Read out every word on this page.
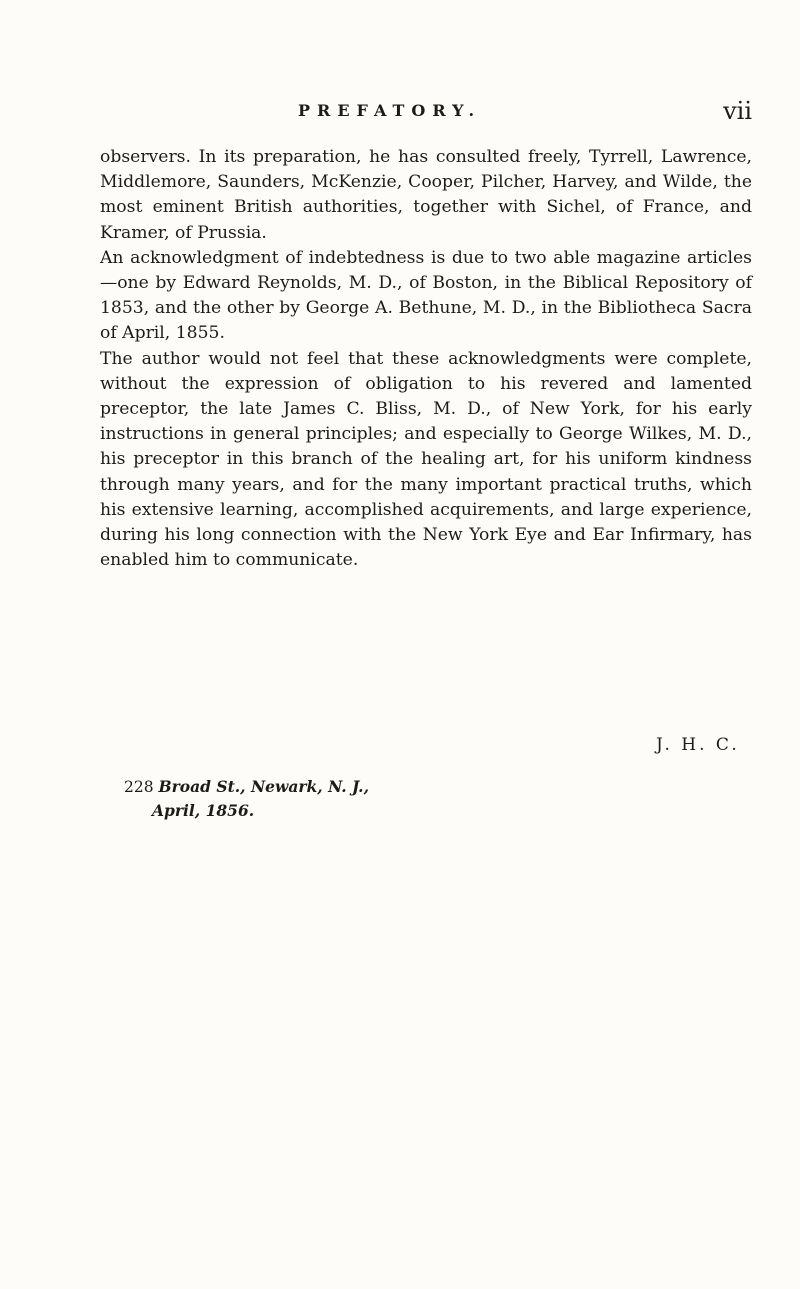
PREFATORY.	vii

observers. In its preparation, he has consulted freely, Tyrrell, Lawrence, Middlemore, Saunders, McKenzie, Cooper, Pilcher, Harvey, and Wilde, the most eminent British authorities, together with Sichel, of France, and Kramer, of Prussia.

An acknowledgment of indebtedness is due to two able magazine articles—one by Edward Reynolds, M. D., of Boston, in the Biblical Repository of 1853, and the other by George A. Bethune, M. D., in the Bibliotheca Sacra of April, 1855.

The author would not feel that these acknowledgments were complete, without the expression of obligation to his revered and lamented preceptor, the late James C. Bliss, M. D., of New York, for his early instructions in general principles; and especially to George Wilkes, M. D., his preceptor in this branch of the healing art, for his uniform kindness through many years, and for the many important practical truths, which his extensive learning, accomplished acquirements, and large experience, during his long connection with the New York Eye and Ear Infirmary, has enabled him to communicate.

J. H. C.
228 Broad St., Newark, N. J.,
April, 1856.
